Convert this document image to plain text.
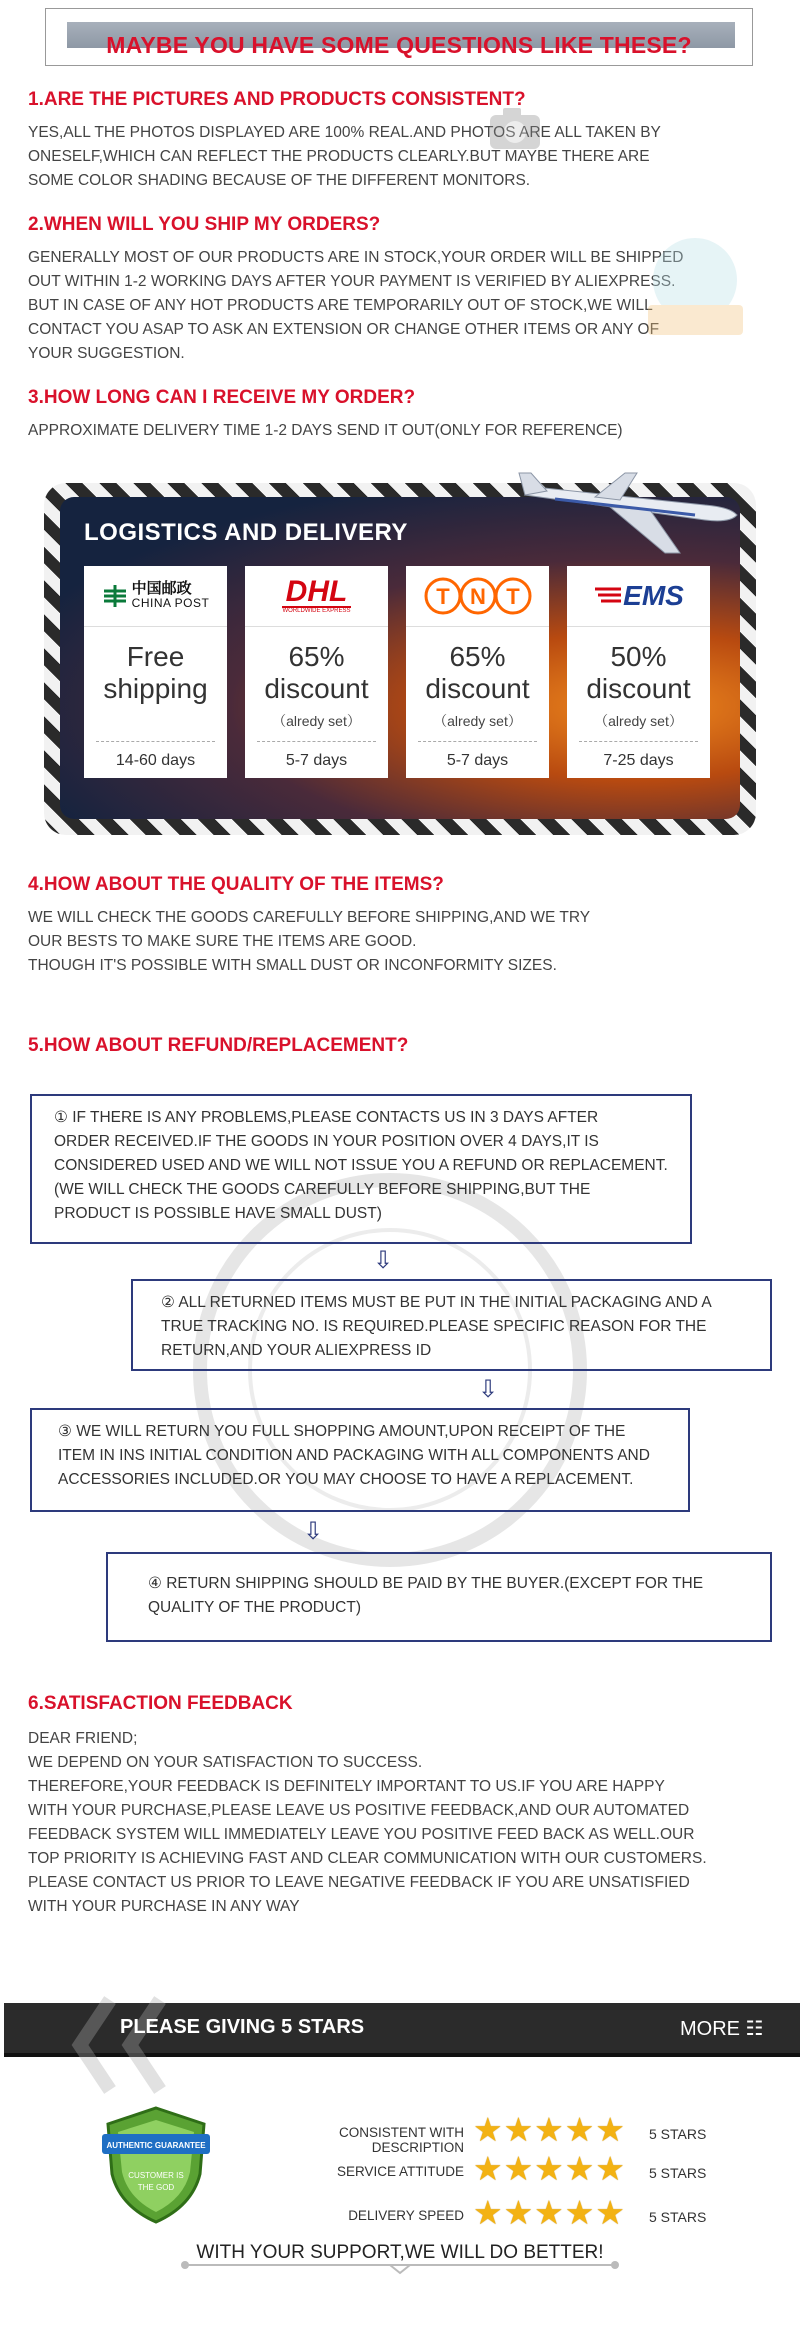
MAYBE YOU HAVE SOME QUESTIONS LIKE THESE?
1.ARE THE PICTURES AND PRODUCTS CONSISTENT?
YES,ALL THE PHOTOS DISPLAYED ARE 100% REAL.AND PHOTOS ARE ALL TAKEN BY
ONESELF,WHICH CAN REFLECT THE PRODUCTS CLEARLY.BUT MAYBE THERE ARE
SOME COLOR SHADING BECAUSE OF THE DIFFERENT MONITORS.
2.WHEN WILL YOU SHIP MY ORDERS?
GENERALLY MOST OF OUR PRODUCTS ARE IN STOCK,YOUR ORDER WILL BE SHIPPED
OUT WITHIN 1-2 WORKING DAYS AFTER YOUR PAYMENT IS VERIFIED BY ALIEXPRESS.
BUT IN CASE OF ANY HOT PRODUCTS ARE TEMPORARILY OUT OF STOCK,WE WILL
CONTACT YOU ASAP TO ASK AN EXTENSION OR CHANGE OTHER ITEMS OR ANY OF
YOUR SUGGESTION.
3.HOW LONG CAN I RECEIVE MY ORDER?
APPROXIMATE DELIVERY TIME 1-2 DAYS SEND IT OUT(ONLY FOR REFERENCE)
LOGISTICS AND DELIVERY
中国邮政
CHINA POST
Free
shipping
14-60 days
DHL
WORLDWIDE EXPRESS
65%
discount
（alredy set）
5-7 days
T N T
65%
discount
（alredy set）
5-7 days
EMS
50%
discount
（alredy set）
7-25 days
4.HOW ABOUT THE QUALITY OF THE ITEMS?
WE WILL CHECK THE GOODS CAREFULLY BEFORE SHIPPING,AND WE TRY
OUR BESTS TO MAKE SURE THE ITEMS ARE GOOD.
THOUGH IT'S POSSIBLE WITH SMALL DUST OR INCONFORMITY SIZES.
5.HOW ABOUT REFUND/REPLACEMENT?
① IF THERE IS ANY PROBLEMS,PLEASE CONTACTS US IN 3 DAYS AFTER
ORDER RECEIVED.IF THE GOODS IN YOUR POSITION OVER 4 DAYS,IT IS
CONSIDERED USED AND WE WILL NOT ISSUE YOU A REFUND OR REPLACEMENT.
(WE WILL CHECK THE GOODS CAREFULLY BEFORE SHIPPING,BUT THE
PRODUCT IS POSSIBLE HAVE SMALL DUST)
⇩
② ALL RETURNED ITEMS MUST BE PUT IN THE INITIAL PACKAGING AND A
TRUE TRACKING NO. IS REQUIRED.PLEASE SPECIFIC REASON FOR THE
RETURN,AND YOUR ALIEXPRESS ID
⇩
③ WE WILL RETURN YOU FULL SHOPPING AMOUNT,UPON RECEIPT OF THE
ITEM IN INS INITIAL CONDITION AND PACKAGING WITH ALL COMPONENTS AND
ACCESSORIES INCLUDED.OR YOU MAY CHOOSE TO HAVE A REPLACEMENT.
⇩
④ RETURN SHIPPING SHOULD BE PAID BY THE BUYER.(EXCEPT FOR THE
QUALITY OF THE PRODUCT)
6.SATISFACTION FEEDBACK
DEAR FRIEND;
WE DEPEND ON YOUR SATISFACTION TO SUCCESS.
THEREFORE,YOUR FEEDBACK IS DEFINITELY IMPORTANT TO US.IF YOU ARE HAPPY
WITH YOUR PURCHASE,PLEASE LEAVE US POSITIVE FEEDBACK,AND OUR AUTOMATED
FEEDBACK SYSTEM WILL IMMEDIATELY LEAVE YOU POSITIVE FEED BACK AS WELL.OUR
TOP PRIORITY IS ACHIEVING FAST AND CLEAR COMMUNICATION WITH OUR CUSTOMERS.
PLEASE CONTACT US PRIOR TO LEAVE NEGATIVE FEEDBACK IF YOU ARE UNSATISFIED
WITH YOUR PURCHASE IN ANY WAY
PLEASE GIVING 5 STARS	MORE ☷
AUTHENTIC GUARANTEE
CUSTOMER IS
THE GOD
CONSISTENT WITH DESCRIPTION ★★★★★ 5 STARS
SERVICE ATTITUDE ★★★★★ 5 STARS
DELIVERY SPEED ★★★★★ 5 STARS
WITH YOUR SUPPORT,WE WILL DO BETTER!
